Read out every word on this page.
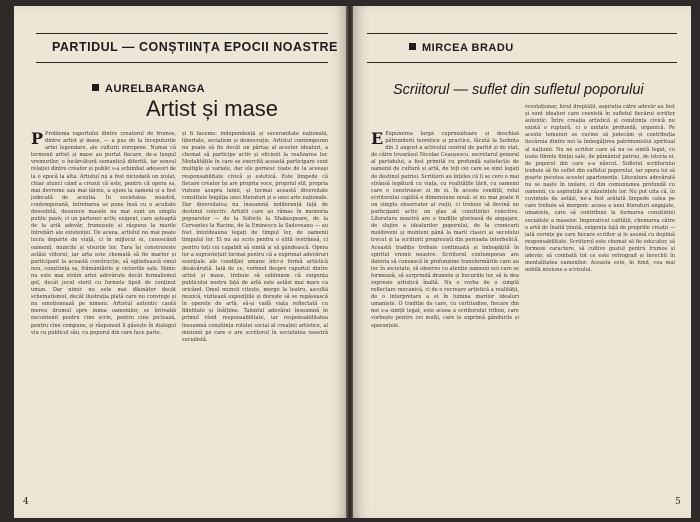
PARTIDUL — CONȘTIINȚA EPOCII NOASTRE
AURELBARANGA
Artist și mase

P Problema raportului dintre creatorul de frumos, dintre artist și mase, — a pus de la începuturile artei legendare, ale culturii europene. Numai că termenii artist și mase au purtat fiecare, de-a lungul vremurilor, o încărcătură semantică diferită, iar sensul relației dintre creator și public s-a schimbat adeseori de la o epocă la alta. Artistul nu a fost niciodată un izolat, chiar atunci când a crezut că este, pentru că opera sa, mai devreme sau mai târziu, a ajuns la oameni și a fost judecată de aceștia. În societatea noastră, contemporană, întrebarea se pune însă cu o acuitate deosebită, deoarece masele nu mai sunt un simplu public pasiv, ci un partener activ, exigent, care așteaptă de la artă adevăr, frumusețe și răspuns la marile întrebări ale existenței. De aceea, artistul nu mai poate lucra departe de viață, ci în mijlocul ei, cunoscând oamenii, muncile și visurile lor. Țara își construiește astăzi viitorul, iar arta este chemată să fie martor și participant la această construcție, să oglindească omul nou, conștiința sa, frământările și victoriile sale. Nimic nu este mai străin artei adevărate decât formalismul gol, decât jocul steril cu formele lipsit de conținut uman. Dar nimic nu este mai dăunător decât schematismul, decât ilustrația plată care nu convinge și nu emoționează pe nimeni. Artistul autentic caută mereu drumul spre inima oamenilor, se întreabă necontenit pentru cine scrie, pentru cine pictează, pentru cine compune, și răspunsul îl găsește în dialogul viu cu publicul său, cu poporul din care face parte.

și fi faceme: independență și suveranitate națională, libertate, socialism și democrație. Artistul contemporan nu poate să fie decât un părtaș al acestor idealuri, a chemat să participe activ și eficient la realizarea lor. Modalitățile în care se exercită această participare sunt multiple și variate, dar ele pornesc toate de la aceeași responsabilitate civică și estetică. Este limpede că fiecare creator își are propria voce, propriul stil, propria viziune asupra lumii, și tocmai această diversitate constituie bogăția unei literaturi și a unei arte naționale. Dar diversitatea nu înseamnă indiferență față de destinul colectiv. Artiștii care au rămas în memoria popoarelor — de la Sofocle la Shakespeare, de la Cervantes la Racine, de la Eminescu la Sadoveanu — au fost întotdeauna legați de timpul lor, de oamenii timpului lor. Ei nu au scris pentru o elită restrânsă, ci pentru toți cei capabili să simtă și să gândească. Opera lor a supraviețuit tocmai pentru că a exprimat adevăruri esențiale ale condiției umane într-o formă artistică desăvârșită. Iată de ce, vorbind despre raportul dintre artist și mase, trebuie să subliniem că exigența publicului nostru față de artă este astăzi mai mare ca oricând. Omul muncii citește, merge la teatru, ascultă muzică, vizitează expozițiile și dorește să se regăsească în operele de artă, să-și vadă viața reflectată cu fidelitate și înălțime. Talentul adevărat înseamnă în primul rând responsabilitate, iar responsabilitatea înseamnă conștiința rolului social al creației artistice, al misiunii pe care o are scriitorul în societatea noastră socialistă.

4
MIRCEA BRADU
Scriitorul — suflet din sufletul poporului

E Expunerea largă cuprinzătoare și deschisă pătrunderii teoretice și practice, făcută la Ședința din 3 august a activului central de partid și de stat, de către tovarășul Nicolae Ceaușescu, secretarul general al partidului, a fost primită cu profundă satisfacție de oamenii de cultură și artă, de toți cei care se simt legați de destinul patriei. Scriitorii au înțeles că li se cere o mai strânsă legătură cu viața, cu realitățile țării, cu oamenii care o construiesc zi de zi. În aceste condiții, rolul scriitorului capătă o dimensiune nouă: el nu mai poate fi un simplu observator al vieții, ci trebuie să devină un participant activ, un glas al conștiinței colective. Literatura noastră are o tradiție glorioasă de angajare, de slujire a idealurilor poporului, de la cronicarii moldoveni și munteni până la marii clasici ai secolului trecut și la scriitorii progresiști din perioada interbelică. Această tradiție trebuie continuată și îmbogățită în spiritul vremii noastre. Scriitorul contemporan are datoria să cunoască în profunzime transformările care au loc în societate, să observe cu atenție oamenii noi care se formează, să surprindă dramele și bucuriile lor, să le dea expresie artistică înaltă. Nu e vorba de o simplă reflectare mecanică, ci de o recreare artistică a realității, de o interpretare a ei în lumina marilor idealuri umaniste. O tradiție de care, cu certitudine, fiecare din noi s-a simțit legat, este aceea a scriitorului tribun, care vorbește pentru cei mulți, care le exprimă gândurile și speranțele.

revoluționar, forul dreptății, aspirația către adevăr au fost și sunt idealuri care coexistă în sufletul fiecărui scriitor autentic. Între creația artistică și conștiința civică nu există o ruptură, ci o unitate profundă, organică. Pe aceste temeiuri se cuvine să judecăm și contribuția fiecăruia dintre noi la îmbogățirea patrimoniului spiritual al națiunii. Nu ne scriitor care să nu se simtă legat, cu toate fibrele ființei sale, de pământul patriei, de istoria ei, de poporul din care s-a născut. Sufletul scriitorului trebuie să fie suflet din sufletul poporului, iar opera lui să poarte pecetea acestei apartenențe. Literatura adevărată nu se naște în izolare, ci din comuniunea profundă cu oamenii, cu aspirațiile și năzuințele lor. Nu pot uita că, în cuvintele de astăzi, ne-a fost arătată limpede calea pe care trebuie să mergem: aceea a unei literaturi angajate, umaniste, care să contribuie la formarea conștiinței socialiste a maselor. Imperativul calității, chemarea către o artă de înaltă ținută, exigența față de propriile creații — iată cerințe pe care fiecare scriitor și le asumă cu deplină responsabilitate. Scriitorul este chemat să fie educator, să formeze caractere, să cultive gustul pentru frumos și adevăr, să combată tot ce este retrograd și învechit în mentalitatea oamenilor. Aceasta este, în fond, cea mai nobilă misiune a scrisului.

5
